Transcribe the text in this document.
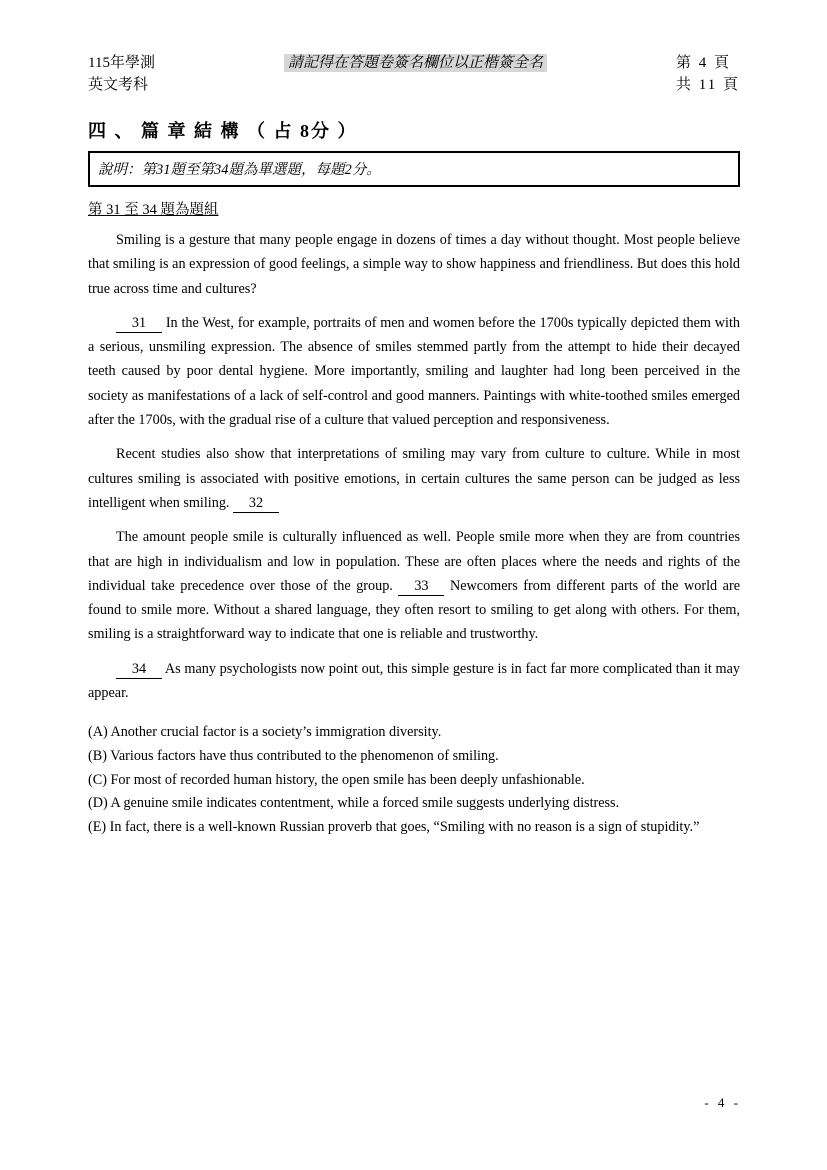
115年學測
英文考科
請記得在答題卷簽名欄位以正楷簽全名	第 4 頁
共 11 頁
四 、 篇 章 結 構 （ 占 8分 ）
說明：第31題至第34題為單選題，每題2分。
第 31 至 34 題為題組

Smiling is a gesture that many people engage in dozens of times a day without thought. Most people believe that smiling is an expression of good feelings, a simple way to show happiness and friendliness. But does this hold true across time and cultures?

31 In the West, for example, portraits of men and women before the 1700s typically depicted them with a serious, unsmiling expression. The absence of smiles stemmed partly from the attempt to hide their decayed teeth caused by poor dental hygiene. More importantly, smiling and laughter had long been perceived in the society as manifestations of a lack of self-control and good manners. Paintings with white-toothed smiles emerged after the 1700s, with the gradual rise of a culture that valued perception and responsiveness.

Recent studies also show that interpretations of smiling may vary from culture to culture. While in most cultures smiling is associated with positive emotions, in certain cultures the same person can be judged as less intelligent when smiling. 32

The amount people smile is culturally influenced as well. People smile more when they are from countries that are high in individualism and low in population. These are often places where the needs and rights of the individual take precedence over those of the group. 33 Newcomers from different parts of the world are found to smile more. Without a shared language, they often resort to smiling to get along with others. For them, smiling is a straightforward way to indicate that one is reliable and trustworthy.

34 As many psychologists now point out, this simple gesture is in fact far more complicated than it may appear.

(A) Another crucial factor is a society’s immigration diversity.
(B) Various factors have thus contributed to the phenomenon of smiling.
(C) For most of recorded human history, the open smile has been deeply unfashionable.
(D) A genuine smile indicates contentment, while a forced smile suggests underlying distress.
(E) In fact, there is a well-known Russian proverb that goes, “Smiling with no reason is a sign of stupidity.”
- 4 -
